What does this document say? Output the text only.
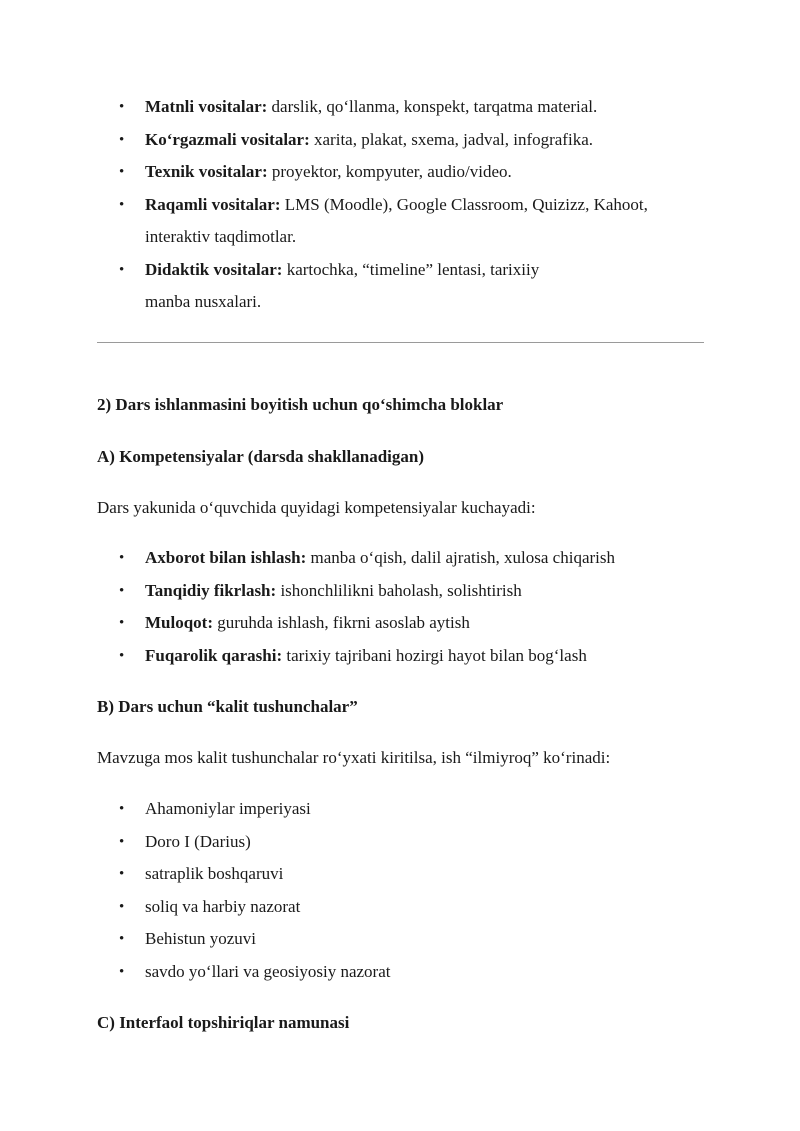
• Matnli vositalar: darslik, qo‘llanma, konspekt, tarqatma material.
• Ko‘rgazmali vositalar: xarita, plakat, sxema, jadval, infografika.
• Texnik vositalar: proyektor, kompyuter, audio/video.
• Raqamli vositalar: LMS (Moodle), Google Classroom, Quizizz, Kahoot, interaktiv taqdimotlar.
• Didaktik vositalar: kartochka, “timeline” lentasi, tarixiiy manba nusxalari.
2) Dars ishlanmasini boyitish uchun qo‘shimcha bloklar
A) Kompetensiyalar (darsda shakllanadigan)
Dars yakunida o‘quvchida quyidagi kompetensiyalar kuchayadi:
• Axborot bilan ishlash: manba o‘qish, dalil ajratish, xulosa chiqarish
• Tanqidiy fikrlash: ishonchlilikni baholash, solishtirish
• Muloqot: guruhda ishlash, fikrni asoslab aytish
• Fuqarolik qarashi: tarixiy tajribani hozirgi hayot bilan bog‘lash
B) Dars uchun “kalit tushunchalar”
Mavzuga mos kalit tushunchalar ro‘yxati kiritilsa, ish “ilmiyroq” ko‘rinadi:
• Ahamoniylar imperiyasi
• Doro I (Darius)
• satraplik boshqaruvi
• soliq va harbiy nazorat
• Behistun yozuvi
• savdo yo‘llari va geosiyosiy nazorat
C) Interfaol topshiriqlar namunasi
